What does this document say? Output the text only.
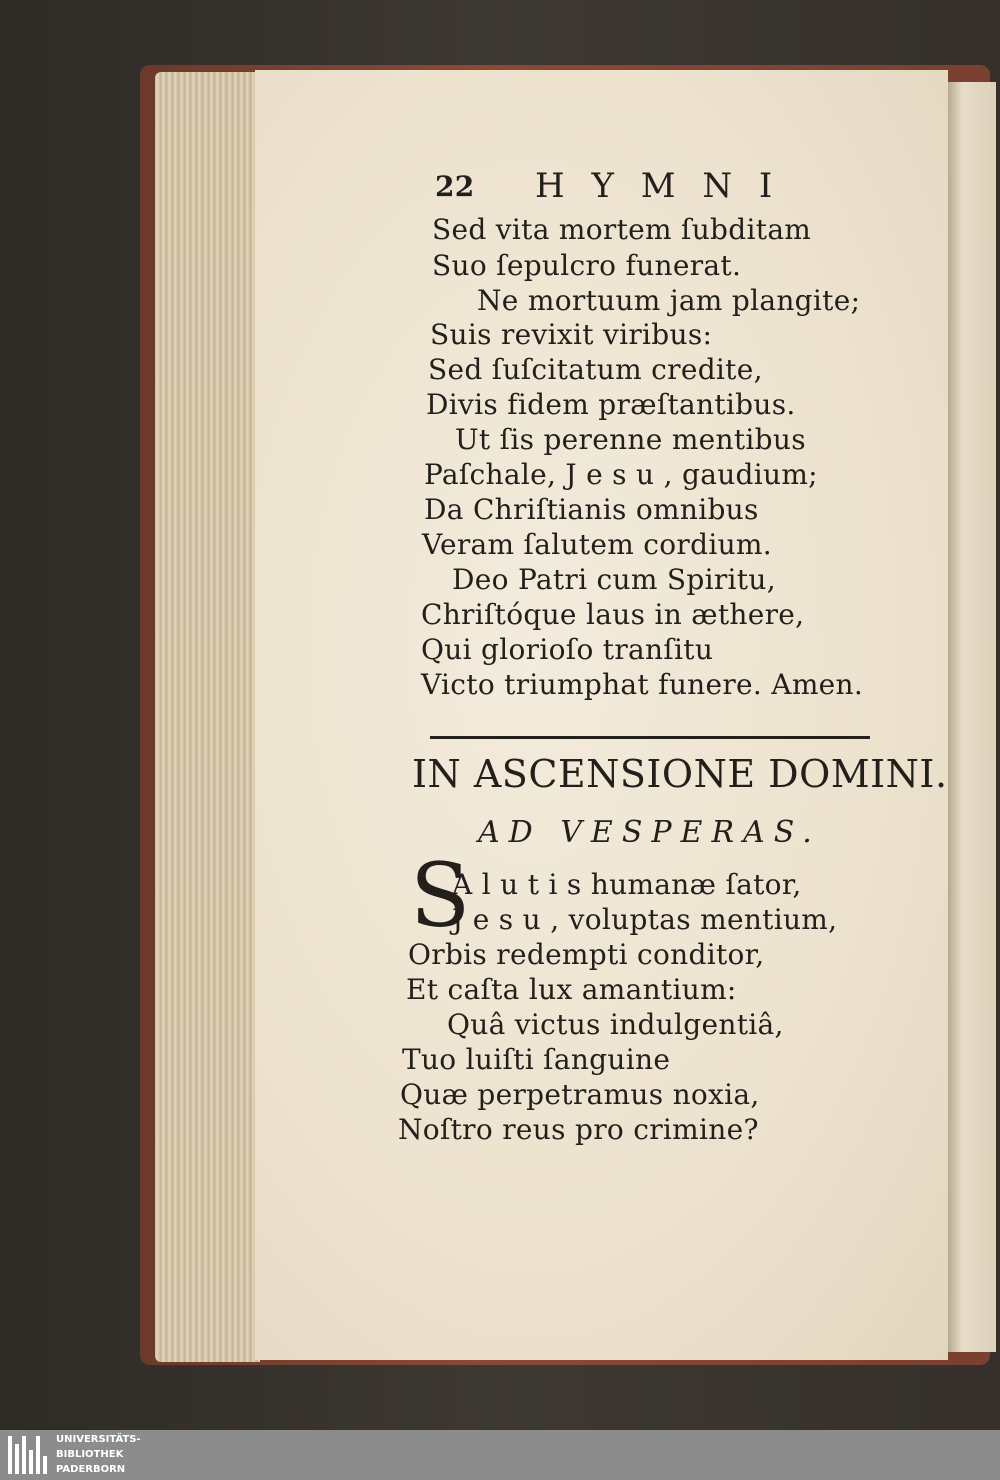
22 H Y M N I
Sed vita mortem ſubditam
Suo ſepulcro funerat.
Ne mortuum jam plangite;
Suis revixit viribus:
Sed ſuſcitatum credite,
Divis fidem præſtantibus.
Ut ſis perenne mentibus
Paſchale, J e s u , gaudium;
Da Chriſtianis omnibus
Veram ſalutem cordium.
Deo Patri cum Spiritu,
Chriſtóque laus in æthere,
Qui glorioſo tranſitu
Victo triumphat funere. Amen.
IN ASCENSIONE DOMINI.
AD VESPERAS.
S
A l u t i s humanæ ſator,
J e s u , voluptas mentium,
Orbis redempti conditor,
Et caſta lux amantium:
Quâ victus indulgentiâ,
Tuo luiſti ſanguine
Quæ perpetramus noxia,
Noſtro reus pro crimine?
UNIVERSITÄTS-
BIBLIOTHEK
PADERBORN
